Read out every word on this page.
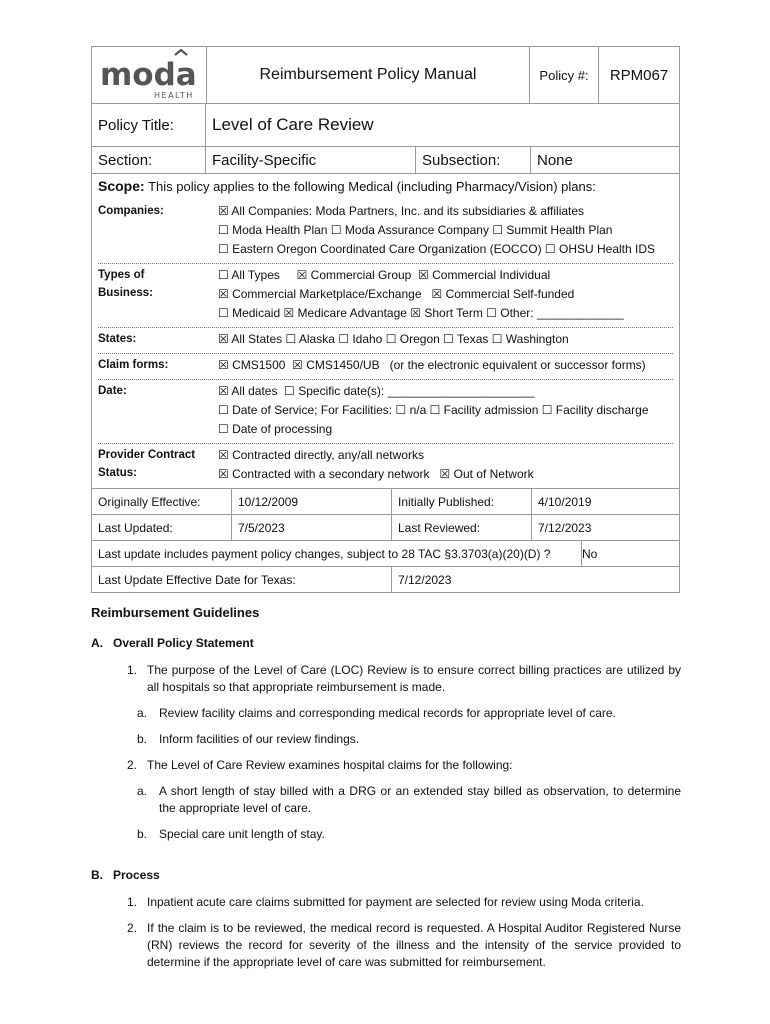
moda
HEALTH
Reimbursement Policy Manual	Policy #:	RPM067
Policy Title:	Level of Care Review
Section:	Facility-Specific	Subsection:	None
Scope: This policy applies to the following Medical (including Pharmacy/Vision) plans:
Companies:	☒ All Companies: Moda Partners, Inc. and its subsidiaries & affiliates
☐ Moda Health Plan ☐ Moda Assurance Company ☐ Summit Health Plan
☐ Eastern Oregon Coordinated Care Organization (EOCCO) ☐ OHSU Health IDS
Types of
Business:
☐ All Types     ☒ Commercial Group  ☒ Commercial Individual
☒ Commercial Marketplace/Exchange   ☒ Commercial Self-funded
☐ Medicaid ☒ Medicare Advantage ☒ Short Term ☐ Other: _____________
States:	☒ All States ☐ Alaska ☐ Idaho ☐ Oregon ☐ Texas ☐ Washington
Claim forms:	☒ CMS1500  ☒ CMS1450/UB   (or the electronic equivalent or successor forms)
Date:	☒ All dates  ☐ Specific date(s): ______________________
☐ Date of Service; For Facilities: ☐ n/a ☐ Facility admission ☐ Facility discharge
☐ Date of processing
Provider Contract
Status:
☒ Contracted directly, any/all networks
☒ Contracted with a secondary network   ☒ Out of Network
Originally Effective:	10/12/2009	Initially Published:	4/10/2019
Last Updated:	7/5/2023	Last Reviewed:	7/12/2023
Last update includes payment policy changes, subject to 28 TAC §3.3703(a)(20)(D) ?	No
Last Update Effective Date for Texas:	7/12/2023
Reimbursement Guidelines
A. Overall Policy Statement
1. The purpose of the Level of Care (LOC) Review is to ensure correct billing practices are utilized by all hospitals so that appropriate reimbursement is made.
a. Review facility claims and corresponding medical records for appropriate level of care.
b. Inform facilities of our review findings.
2. The Level of Care Review examines hospital claims for the following:
a. A short length of stay billed with a DRG or an extended stay billed as observation, to determine the appropriate level of care.
b. Special care unit length of stay.
B. Process
1. Inpatient acute care claims submitted for payment are selected for review using Moda criteria.
2. If the claim is to be reviewed, the medical record is requested. A Hospital Auditor Registered Nurse (RN) reviews the record for severity of the illness and the intensity of the service provided to determine if the appropriate level of care was submitted for reimbursement.
